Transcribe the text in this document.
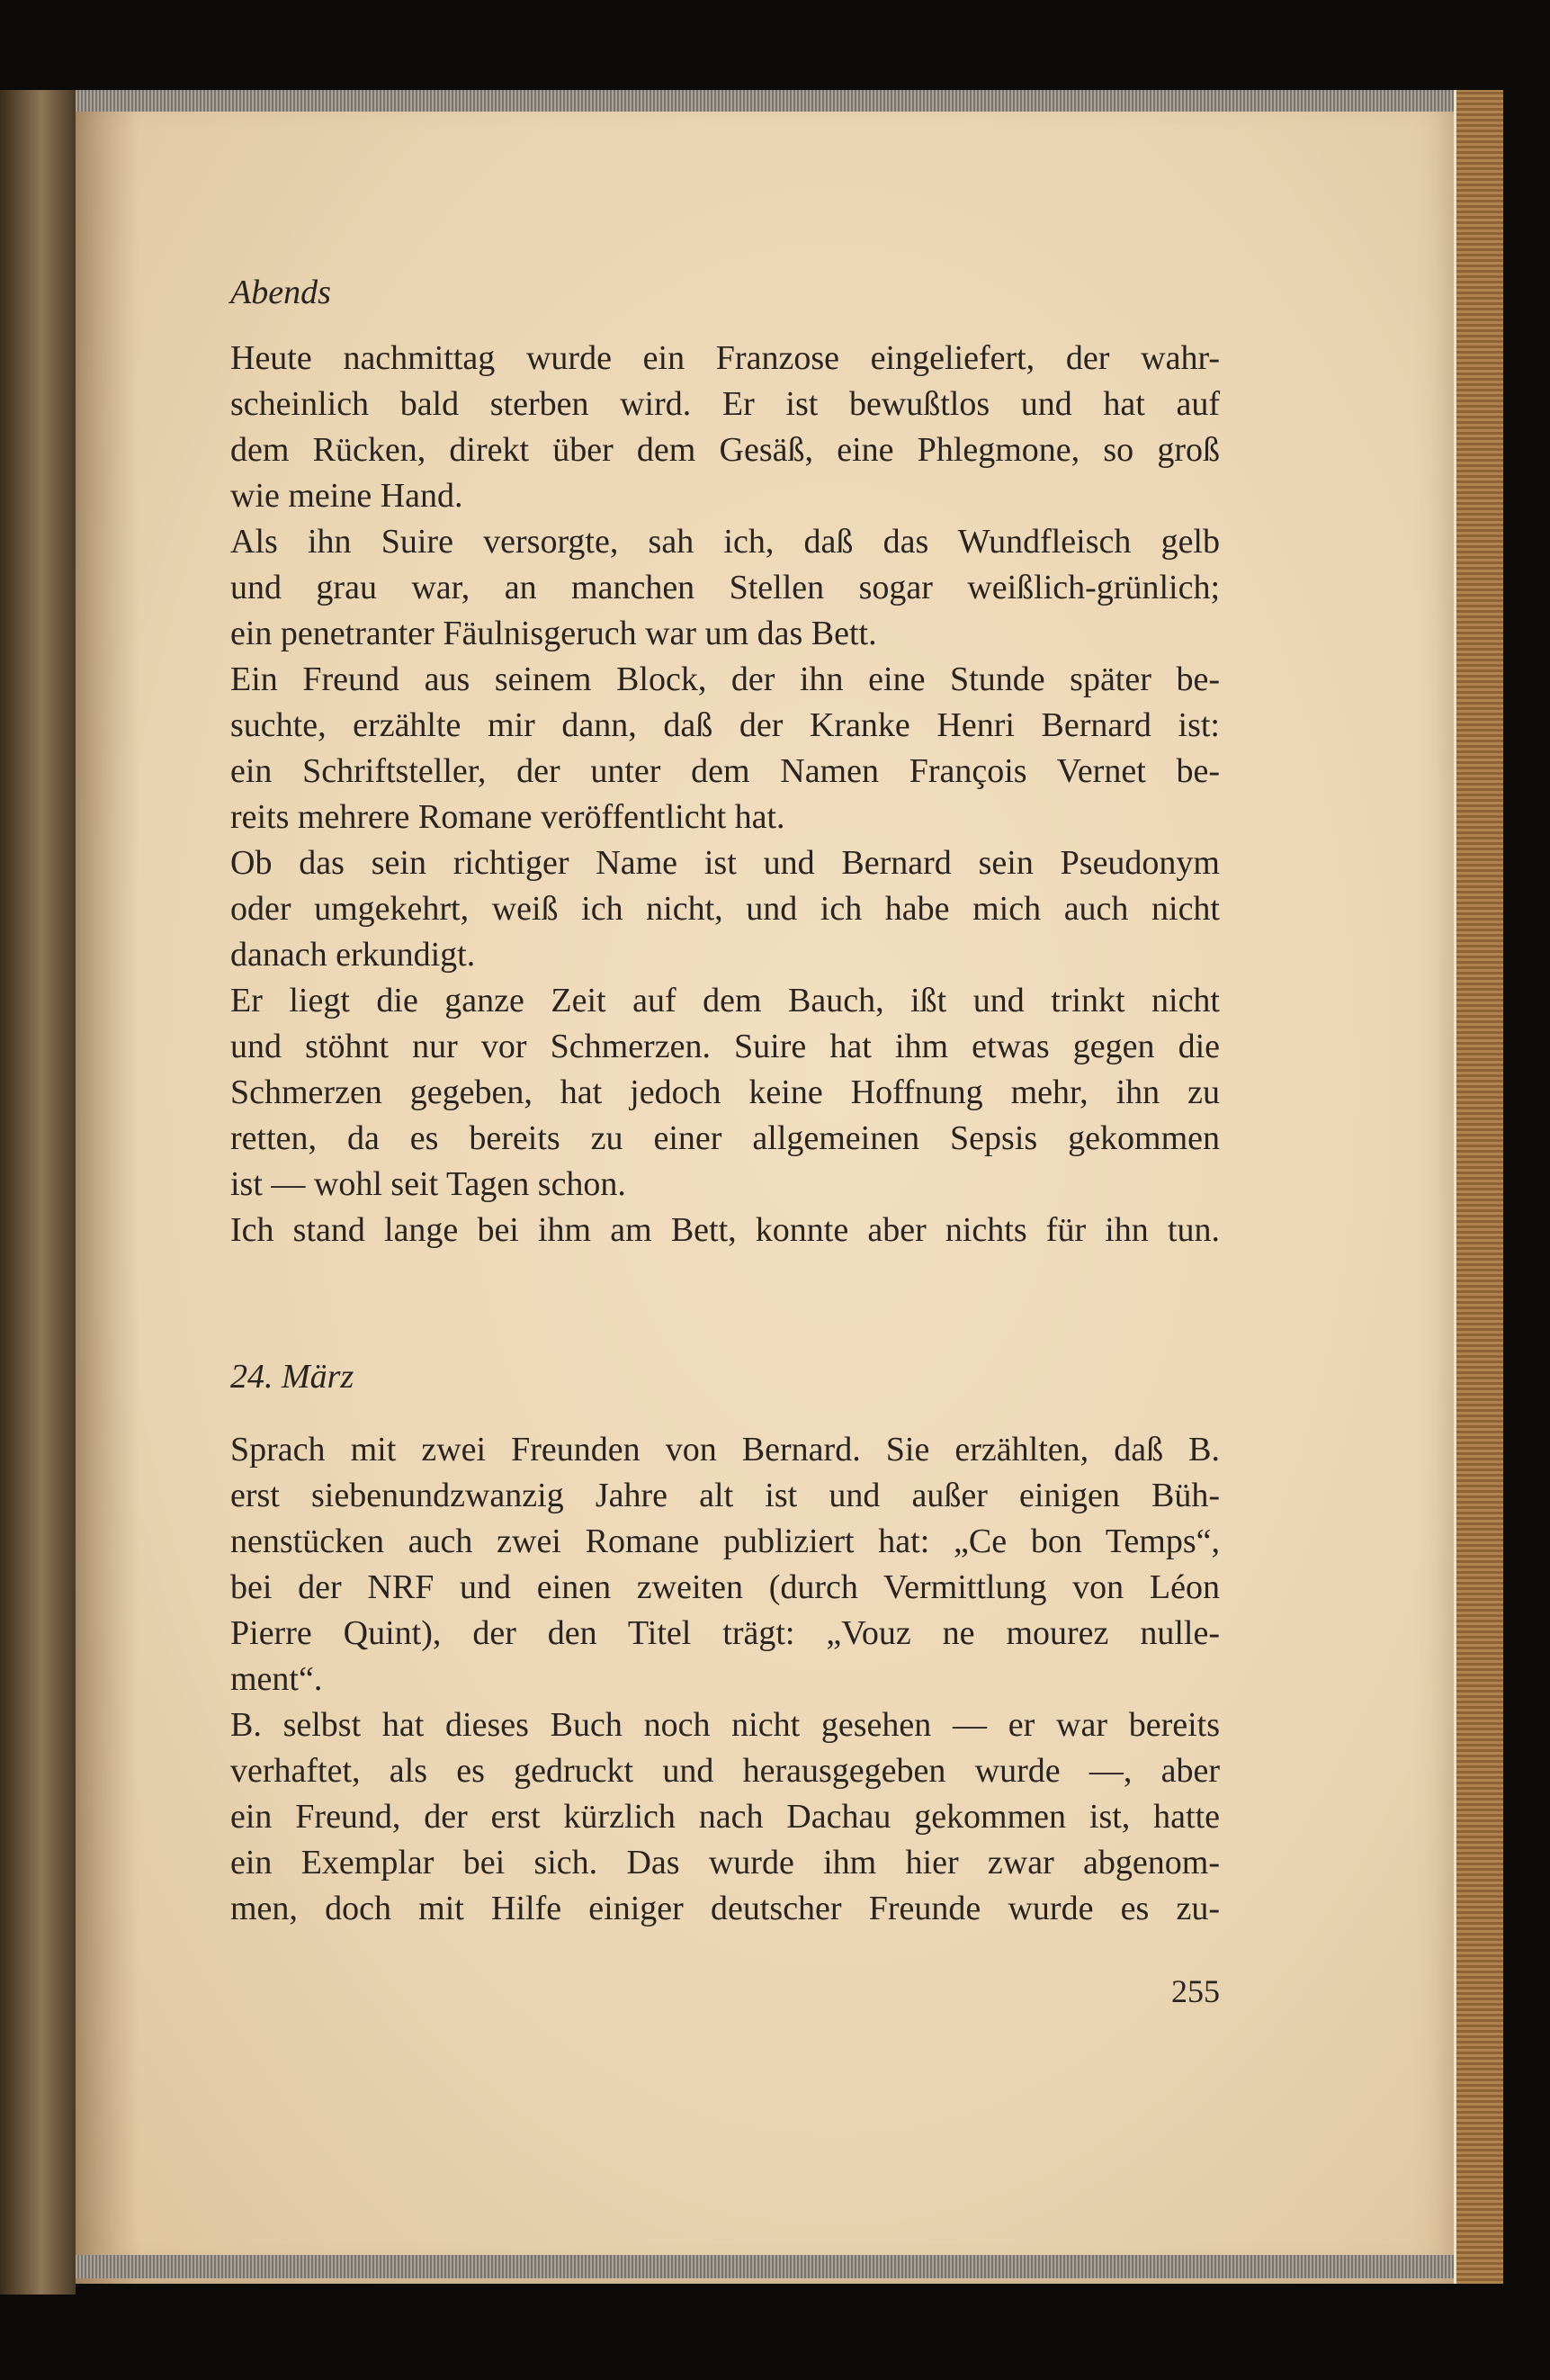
Abends
Heute nachmittag wurde ein Franzose eingeliefert, der wahr-
scheinlich bald sterben wird. Er ist bewußtlos und hat auf
dem Rücken, direkt über dem Gesäß, eine Phlegmone, so groß
wie meine Hand.
Als ihn Suire versorgte, sah ich, daß das Wundfleisch gelb
und grau war, an manchen Stellen sogar weißlich-grünlich;
ein penetranter Fäulnisgeruch war um das Bett.
Ein Freund aus seinem Block, der ihn eine Stunde später be-
suchte, erzählte mir dann, daß der Kranke Henri Bernard ist:
ein Schriftsteller, der unter dem Namen François Vernet be-
reits mehrere Romane veröffentlicht hat.
Ob das sein richtiger Name ist und Bernard sein Pseudonym
oder umgekehrt, weiß ich nicht, und ich habe mich auch nicht
danach erkundigt.
Er liegt die ganze Zeit auf dem Bauch, ißt und trinkt nicht
und stöhnt nur vor Schmerzen. Suire hat ihm etwas gegen die
Schmerzen gegeben, hat jedoch keine Hoffnung mehr, ihn zu
retten, da es bereits zu einer allgemeinen Sepsis gekommen
ist — wohl seit Tagen schon.
Ich stand lange bei ihm am Bett, konnte aber nichts für ihn tun.
24. März
Sprach mit zwei Freunden von Bernard. Sie erzählten, daß B.
erst siebenundzwanzig Jahre alt ist und außer einigen Büh-
nenstücken auch zwei Romane publiziert hat: „Ce bon Temps“,
bei der NRF und einen zweiten (durch Vermittlung von Léon
Pierre Quint), der den Titel trägt: „Vouz ne mourez nulle-
ment“.
B. selbst hat dieses Buch noch nicht gesehen — er war bereits
verhaftet, als es gedruckt und herausgegeben wurde —, aber
ein Freund, der erst kürzlich nach Dachau gekommen ist, hatte
ein Exemplar bei sich. Das wurde ihm hier zwar abgenom-
men, doch mit Hilfe einiger deutscher Freunde wurde es zu-
255
